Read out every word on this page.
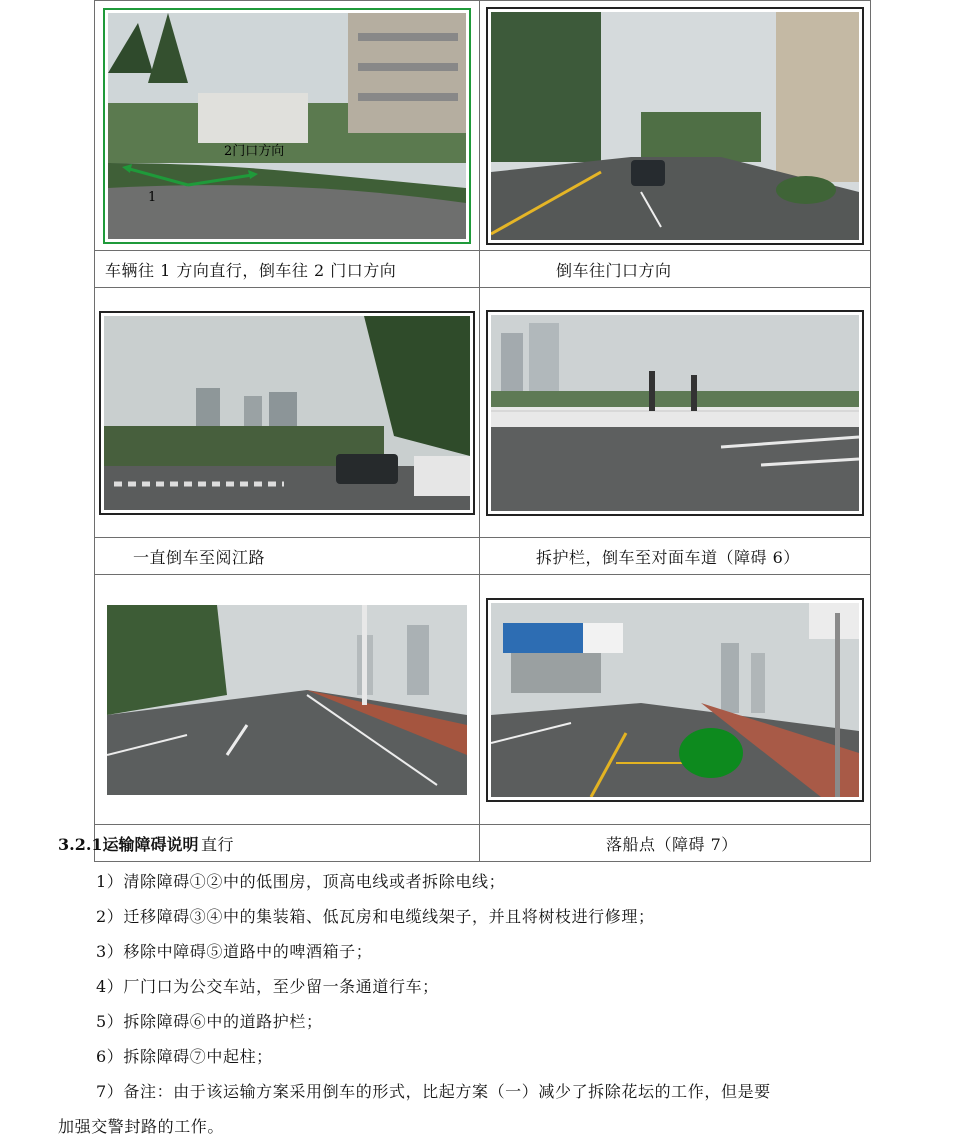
1
2门口方向

车辆往 1 方向直行，倒车往 2 门口方向	倒车往门口方向

一直倒车至阅江路	拆护栏，倒车至对面车道（障碍 6）

直行	落船点（障碍 7）
3.2.1运输障碍说明
1）清除障碍①②中的低围房，顶高电线或者拆除电线；
2）迁移障碍③④中的集装箱、低瓦房和电缆线架子，并且将树枝进行修理；
3）移除中障碍⑤道路中的啤酒箱子；
4）厂门口为公交车站，至少留一条通道行车；
5）拆除障碍⑥中的道路护栏；
6）拆除障碍⑦中起柱；
7）备注：由于该运输方案采用倒车的形式，比起方案（一）减少了拆除花坛的工作，但是要
加强交警封路的工作。
